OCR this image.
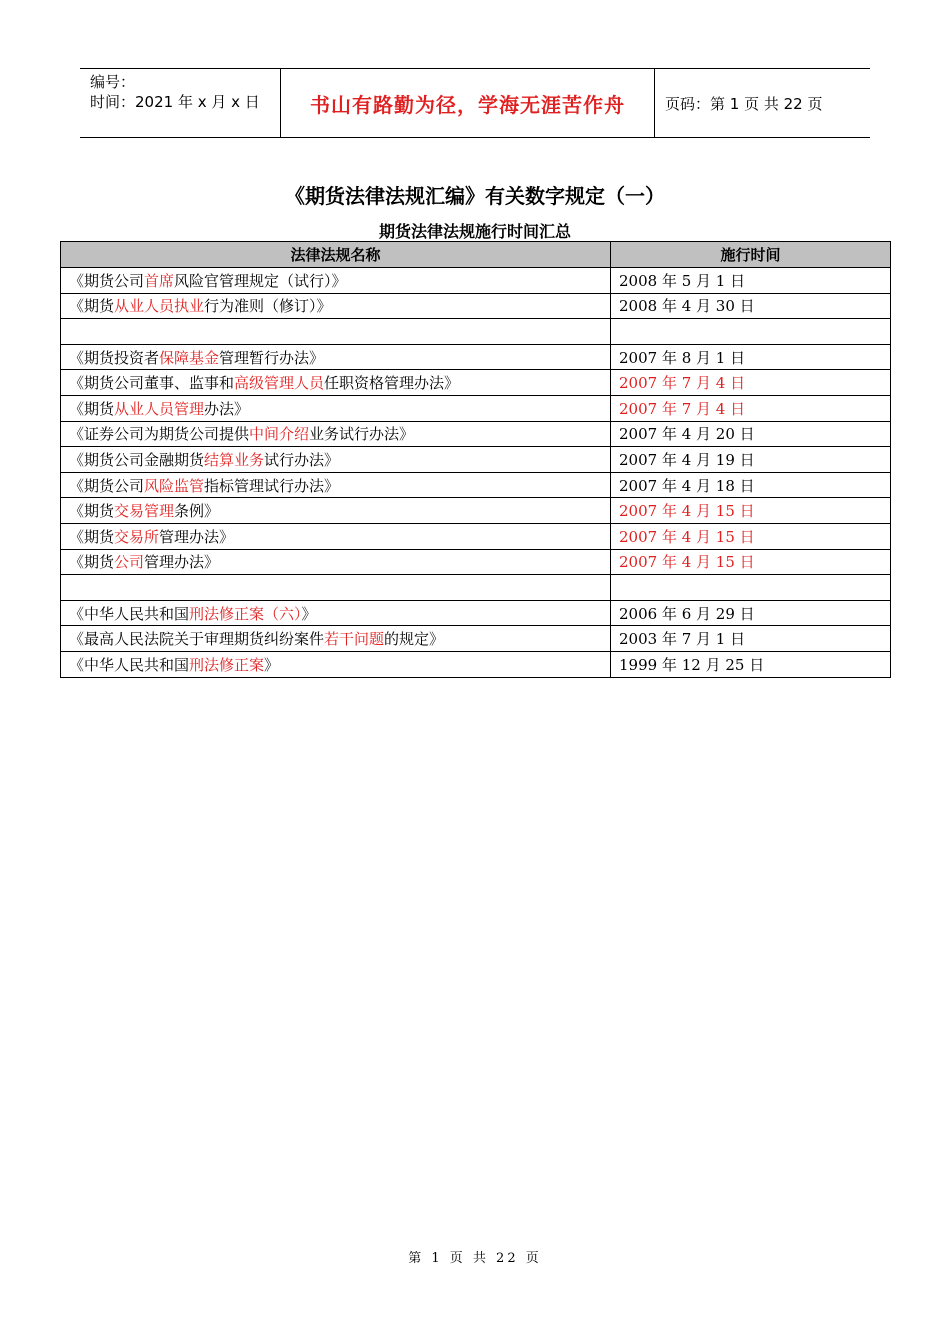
编号：
时间：2021 年 x 月 x 日	书山有路勤为径，学海无涯苦作舟	页码：第 1 页 共 22 页
《期货法律法规汇编》有关数字规定（一）
期货法律法规施行时间汇总
法律法规名称	施行时间
《期货公司首席风险官管理规定（试行）》	2008 年 5 月 1 日
《期货从业人员执业行为准则（修订）》	2008 年 4 月 30 日

《期货投资者保障基金管理暂行办法》	2007 年 8 月 1 日
《期货公司董事、监事和高级管理人员任职资格管理办法》	2007 年 7 月 4 日
《期货从业人员管理办法》	2007 年 7 月 4 日
《证券公司为期货公司提供中间介绍业务试行办法》	2007 年 4 月 20 日
《期货公司金融期货结算业务试行办法》	2007 年 4 月 19 日
《期货公司风险监管指标管理试行办法》	2007 年 4 月 18 日
《期货交易管理条例》	2007 年 4 月 15 日
《期货交易所管理办法》	2007 年 4 月 15 日
《期货公司管理办法》	2007 年 4 月 15 日

《中华人民共和国刑法修正案（六）》	2006 年 6 月 29 日
《最高人民法院关于审理期货纠纷案件若干问题的规定》	2003 年 7 月 1 日
《中华人民共和国刑法修正案》	1999 年 12 月 25 日
第 1 页 共 22 页
